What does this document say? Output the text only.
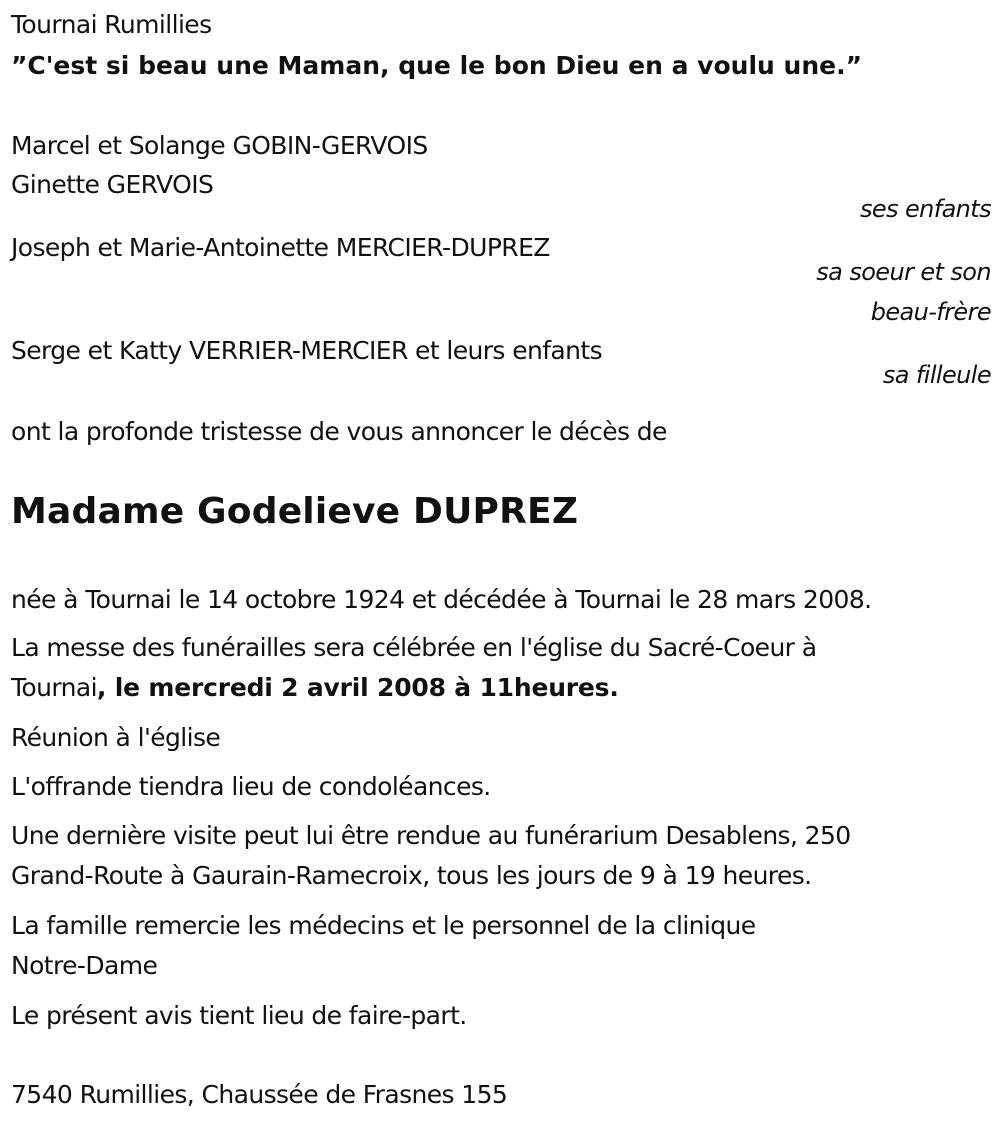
Tournai Rumillies
”C'est si beau une Maman, que le bon Dieu en a voulu une.”
Marcel et Solange GOBIN-GERVOIS
Ginette GERVOIS
ses enfants
Joseph et Marie-Antoinette MERCIER-DUPREZ
sa soeur et son
beau-frère
Serge et Katty VERRIER-MERCIER et leurs enfants
sa filleule
ont la profonde tristesse de vous annoncer le décès de
Madame Godelieve DUPREZ
née à Tournai le 14 octobre 1924 et décédée à Tournai le 28 mars 2008.
La messe des funérailles sera célébrée en l'église du Sacré-Coeur à
Tournai, le mercredi 2 avril 2008 à 11heures.
Réunion à l'église
L'offrande tiendra lieu de condoléances.
Une dernière visite peut lui être rendue au funérarium Desablens, 250
Grand-Route à Gaurain-Ramecroix, tous les jours de 9 à 19 heures.
La famille remercie les médecins et le personnel de la clinique
Notre-Dame
Le présent avis tient lieu de faire-part.
7540 Rumillies, Chaussée de Frasnes 155
